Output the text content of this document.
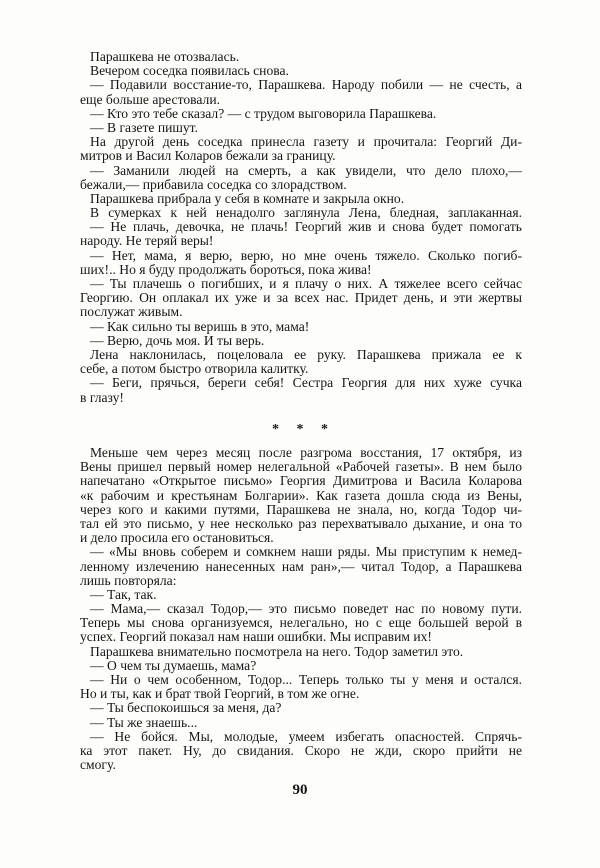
Парашкева не отозвалась.
Вечером соседка появилась снова.
— Подавили восстание-то, Парашкева. Народу побили — не счесть, а
еще больше арестовали.
— Кто это тебе сказал? — с трудом выговорила Парашкева.
— В газете пишут.
На другой день соседка принесла газету и прочитала: Георгий Ди-
митров и Васил Коларов бежали за границу.
— Заманили людей на смерть, а как увидели, что дело плохо,—
бежали,— прибавила соседка со злорадством.
Парашкева прибрала у себя в комнате и закрыла окно.
В сумерках к ней ненадолго заглянула Лена, бледная, заплаканная.
— Не плачь, девочка, не плачь! Георгий жив и снова будет помогать
народу. Не теряй веры!
— Нет, мама, я верю, верю, но мне очень тяжело. Сколько погиб-
ших!.. Но я буду продолжать бороться, пока жива!
— Ты плачешь о погибших, и я плачу о них. А тяжелее всего сейчас
Георгию. Он оплакал их уже и за всех нас. Придет день, и эти жертвы
послужат живым.
— Как сильно ты веришь в это, мама!
— Верю, дочь моя. И ты верь.
Лена наклонилась, поцеловала ее руку. Парашкева прижала ее к
себе, а потом быстро отворила калитку.
— Беги, прячься, береги себя! Сестра Георгия для них хуже сучка
в глазу!
* * *
Меньше чем через месяц после разгрома восстания, 17 октября, из
Вены пришел первый номер нелегальной «Рабочей газеты». В нем было
напечатано «Открытое письмо» Георгия Димитрова и Васила Коларова
«к рабочим и крестьянам Болгарии». Как газета дошла сюда из Вены,
через кого и какими путями, Парашкева не знала, но, когда Тодор чи-
тал ей это письмо, у нее несколько раз перехватывало дыхание, и она то
и дело просила его остановиться.
— «Мы вновь соберем и сомкнем наши ряды. Мы приступим к немед-
ленному излечению нанесенных нам ран»,— читал Тодор, а Парашкева
лишь повторяла:
— Так, так.
— Мама,— сказал Тодор,— это письмо поведет нас по новому пути.
Теперь мы снова организуемся, нелегально, но с еще большей верой в
успех. Георгий показал нам наши ошибки. Мы исправим их!
Парашкева внимательно посмотрела на него. Тодор заметил это.
— О чем ты думаешь, мама?
— Ни о чем особенном, Тодор... Теперь только ты у меня и остался.
Но и ты, как и брат твой Георгий, в том же огне.
— Ты беспокоишься за меня, да?
— Ты же знаешь...
— Не бойся. Мы, молодые, умеем избегать опасностей. Спрячь-
ка этот пакет. Ну, до свидания. Скоро не жди, скоро прийти не
смогу.
90
